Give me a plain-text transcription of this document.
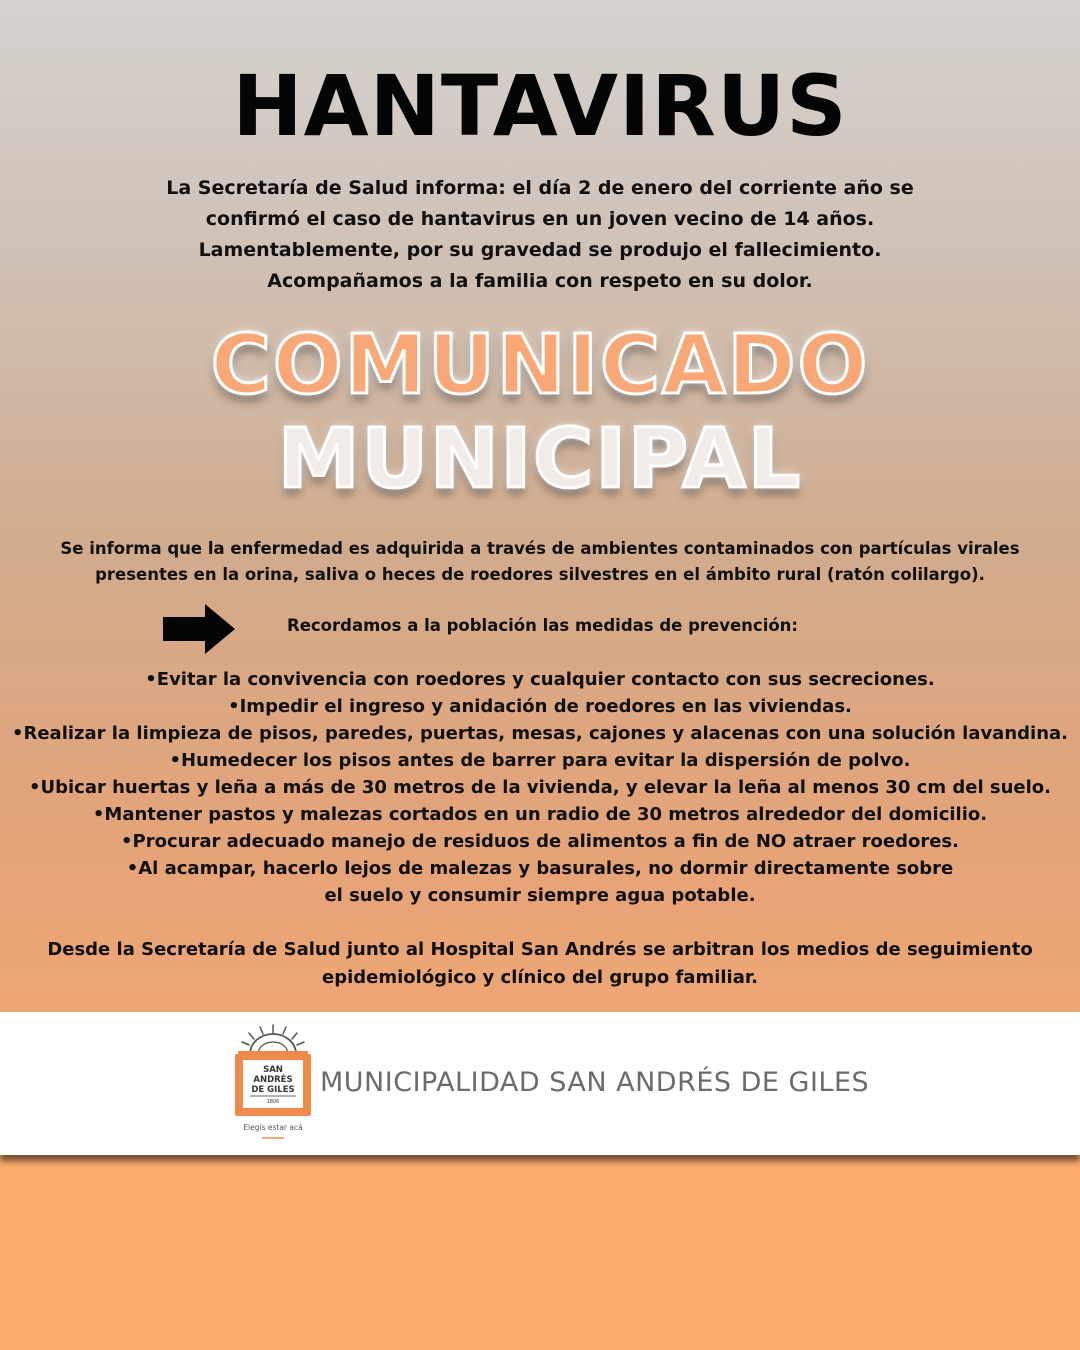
HANTAVIRUS
La Secretaría de Salud informa: el día 2 de enero del corriente año se
confirmó el caso de hantavirus en un joven vecino de 14 años.
Lamentablemente, por su gravedad se produjo el fallecimiento.
Acompañamos a la familia con respeto en su dolor.
COMUNICADO
MUNICIPAL
Se informa que la enfermedad es adquirida a través de ambientes contaminados con partículas virales
presentes en la orina, saliva o heces de roedores silvestres en el ámbito rural (ratón colilargo).
Recordamos a la población las medidas de prevención:
•Evitar la convivencia con roedores y cualquier contacto con sus secreciones.
•Impedir el ingreso y anidación de roedores en las viviendas.
•Realizar la limpieza de pisos, paredes, puertas, mesas, cajones y alacenas con una solución lavandina.
•Humedecer los pisos antes de barrer para evitar la dispersión de polvo.
•Ubicar huertas y leña a más de 30 metros de la vivienda, y elevar la leña al menos 30 cm del suelo.
•Mantener pastos y malezas cortados en un radio de 30 metros alrededor del domicilio.
•Procurar adecuado manejo de residuos de alimentos a fin de NO atraer roedores.
•Al acampar, hacerlo lejos de malezas y basurales, no dormir directamente sobre
el suelo y consumir siempre agua potable.
Desde la Secretaría de Salud junto al Hospital San Andrés se arbitran los medios de seguimiento
epidemiológico y clínico del grupo familiar.
SAN
ANDRÉS
DE GILES
1806
Elegís estar acá
MUNICIPALIDAD SAN ANDRÉS DE GILES
